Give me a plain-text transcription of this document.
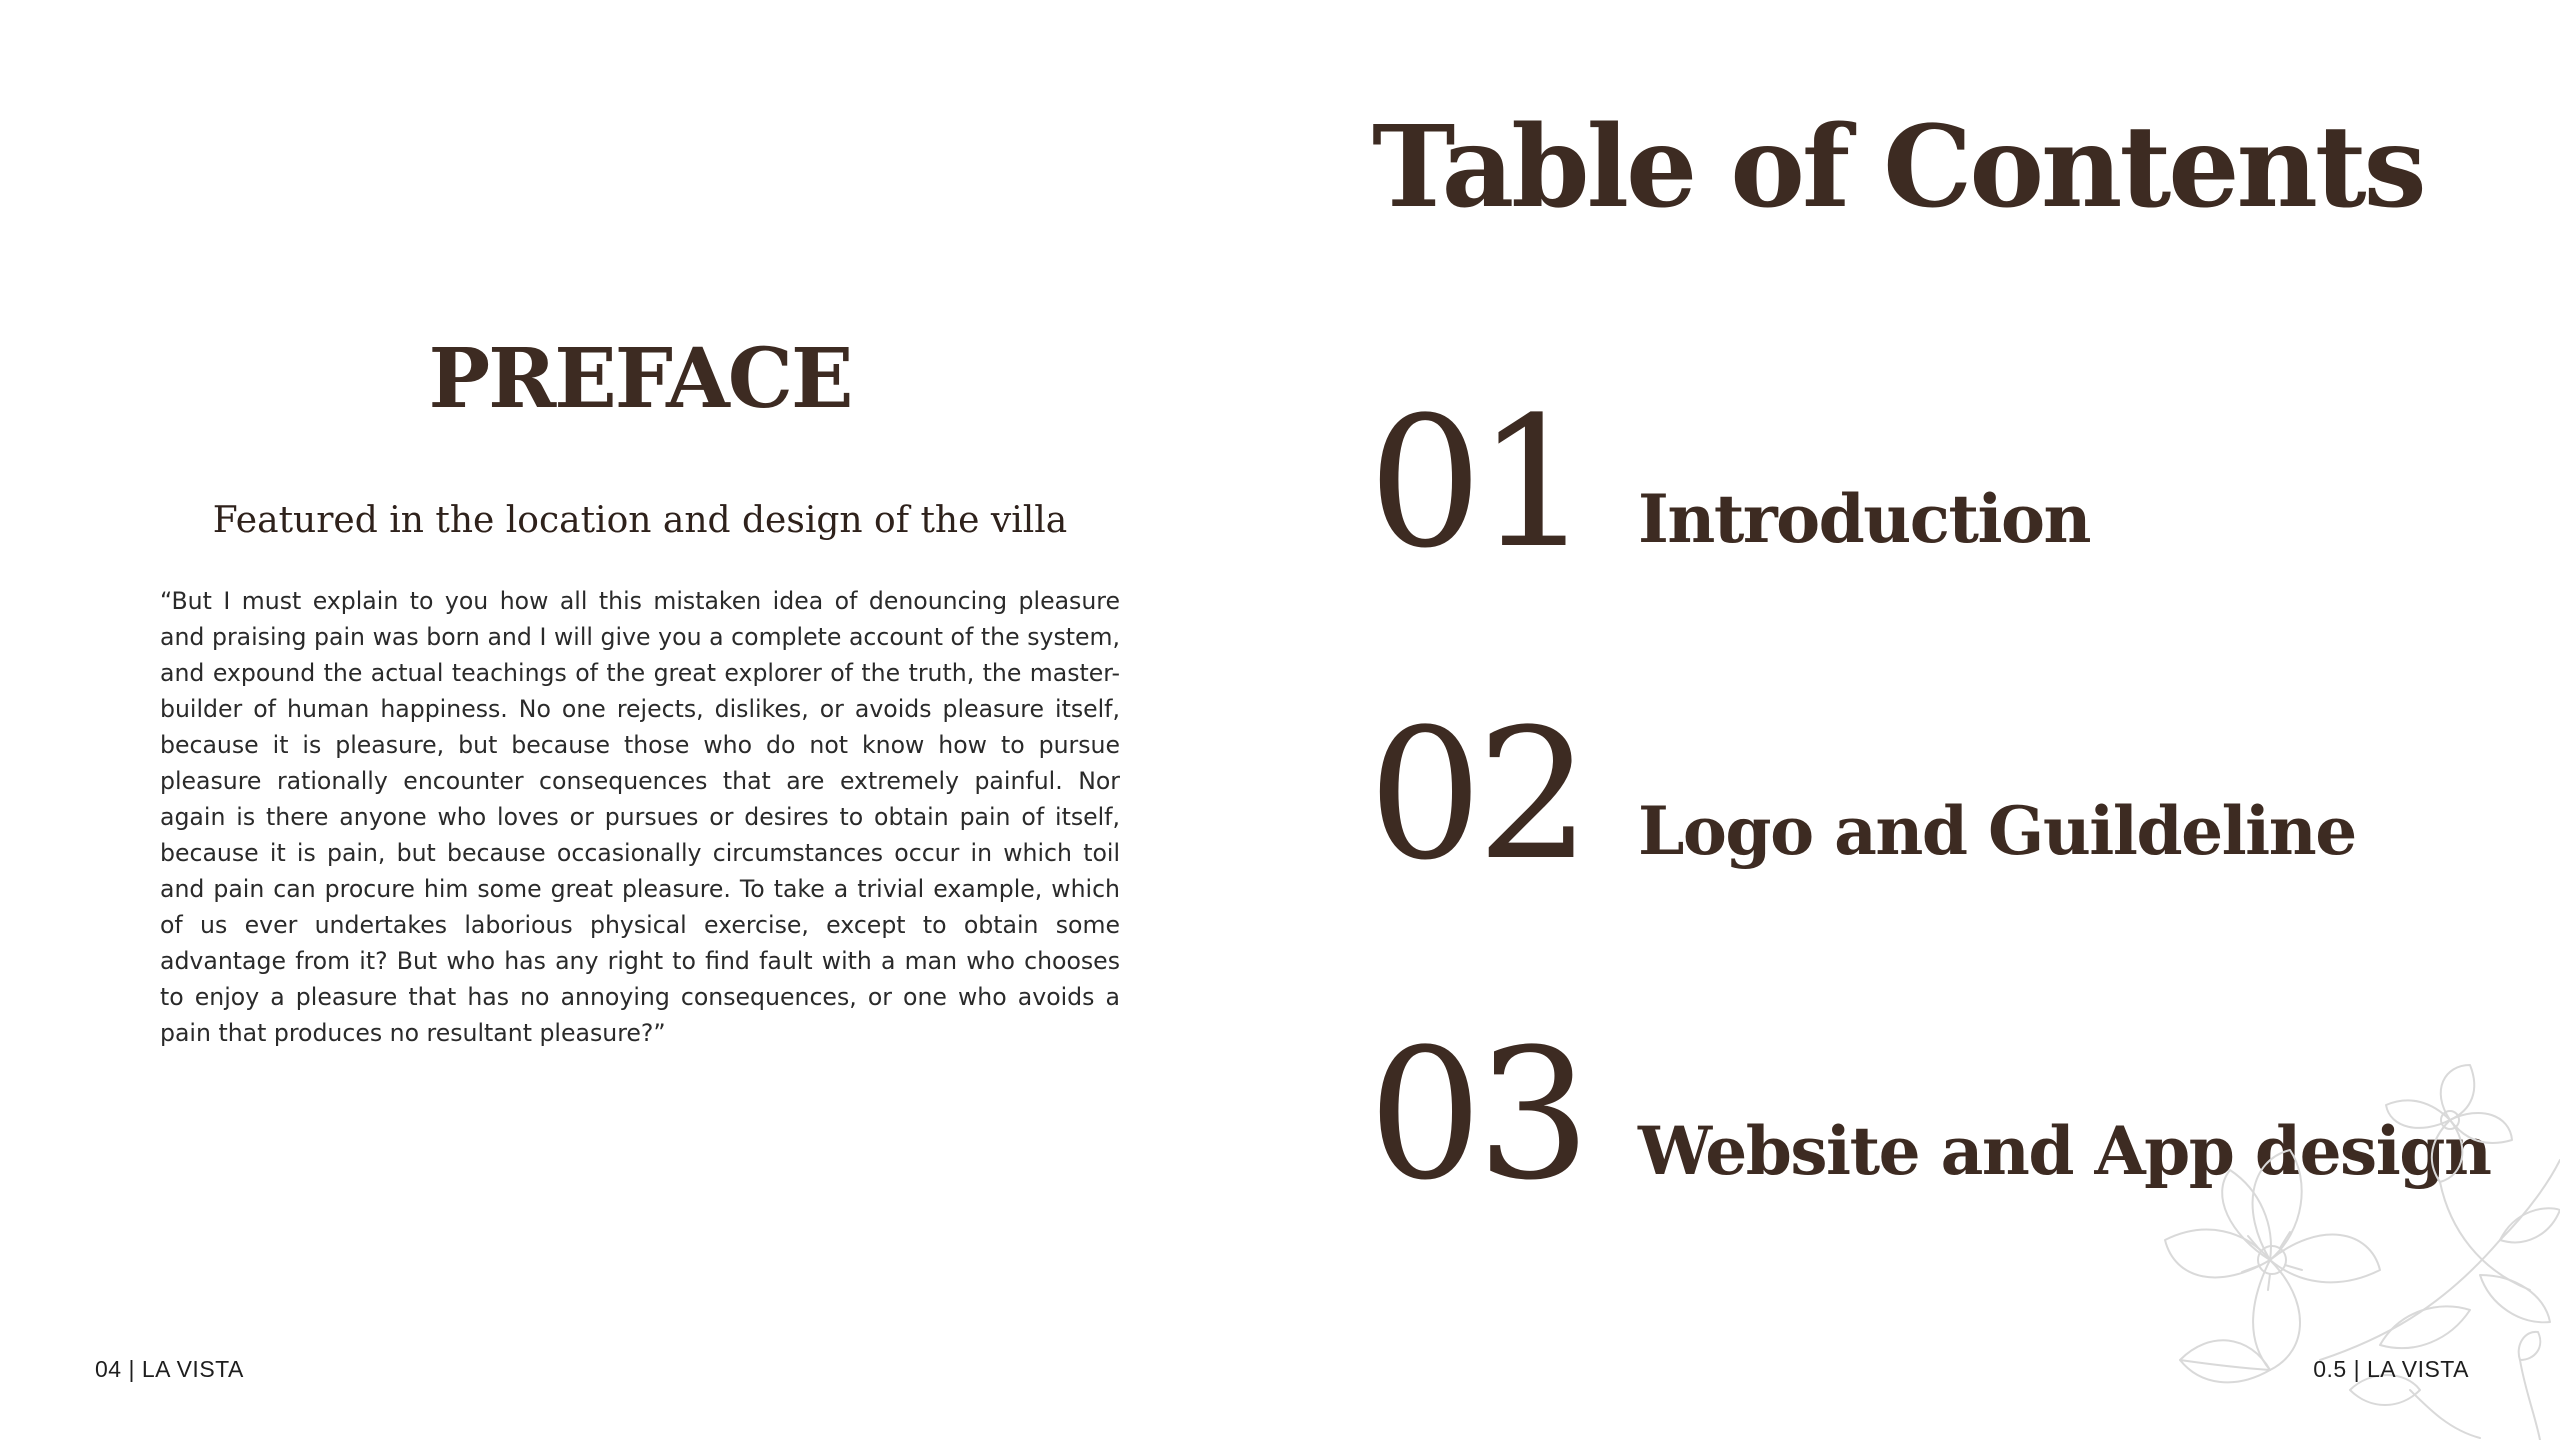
PREFACE
Featured in the location and design of the villa

“But I must explain to you how all this mistaken idea of denouncing pleasure and praising pain was born and I will give you a complete account of the system, and expound the actual teachings of the great explorer of the truth, the master-builder of human happiness. No one rejects, dislikes, or avoids pleasure itself, because it is pleasure, but because those who do not know how to pursue pleasure rationally encounter consequences that are extremely painful. Nor again is there anyone who loves or pursues or desires to obtain pain of itself, because it is pain, but because occasionally circumstances occur in which toil and pain can procure him some great pleasure. To take a trivial example, which of us ever undertakes laborious physical exercise, except to obtain some advantage from it? But who has any right to find fault with a man who chooses to enjoy a pleasure that has no annoying consequences, or one who avoids a pain that produces no resultant pleasure?”

04 | LA VISTA
Table of Contents
01 Introduction
02 Logo and Guildeline
03 Website and App design
0.5 | LA VISTA
